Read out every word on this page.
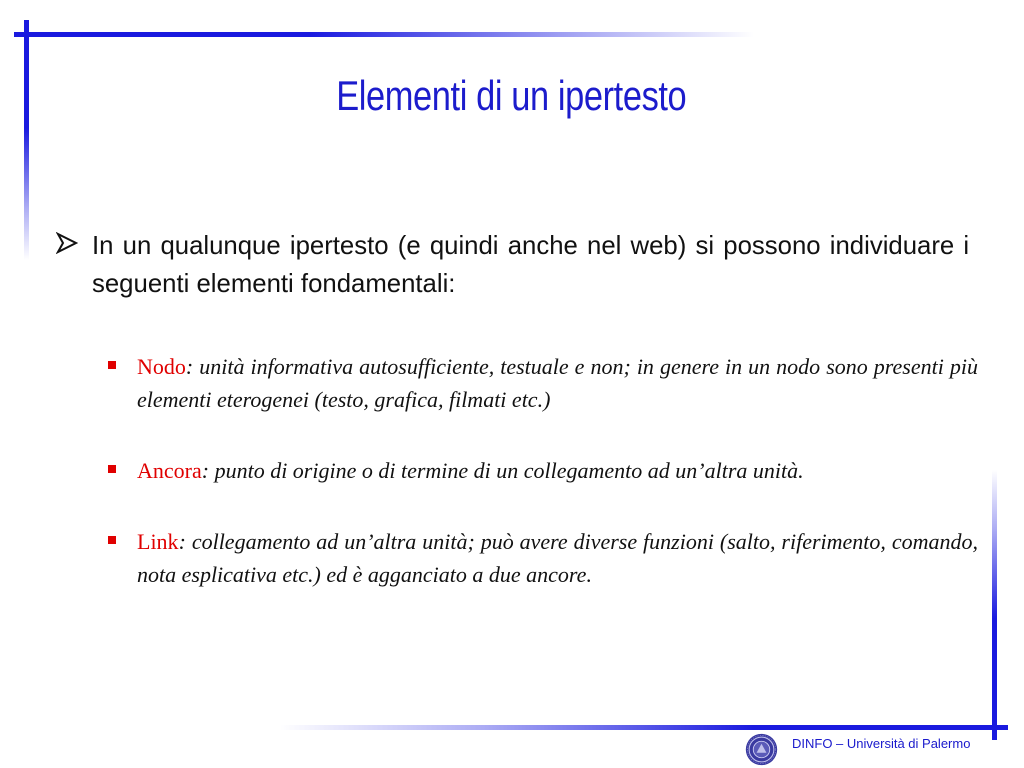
Elementi di un ipertesto
In un qualunque ipertesto (e quindi anche nel web) si possono individuare i seguenti elementi fondamentali:
Nodo: unità informativa autosufficiente, testuale e non; in genere in un nodo sono presenti più elementi eterogenei (testo, grafica, filmati etc.)
Ancora: punto di origine o di termine di un collegamento ad un’altra unità.
Link: collegamento ad un’altra unità; può avere diverse funzioni (salto, riferimento, comando, nota esplicativa etc.) ed è agganciato a due ancore.
DINFO – Università di Palermo
